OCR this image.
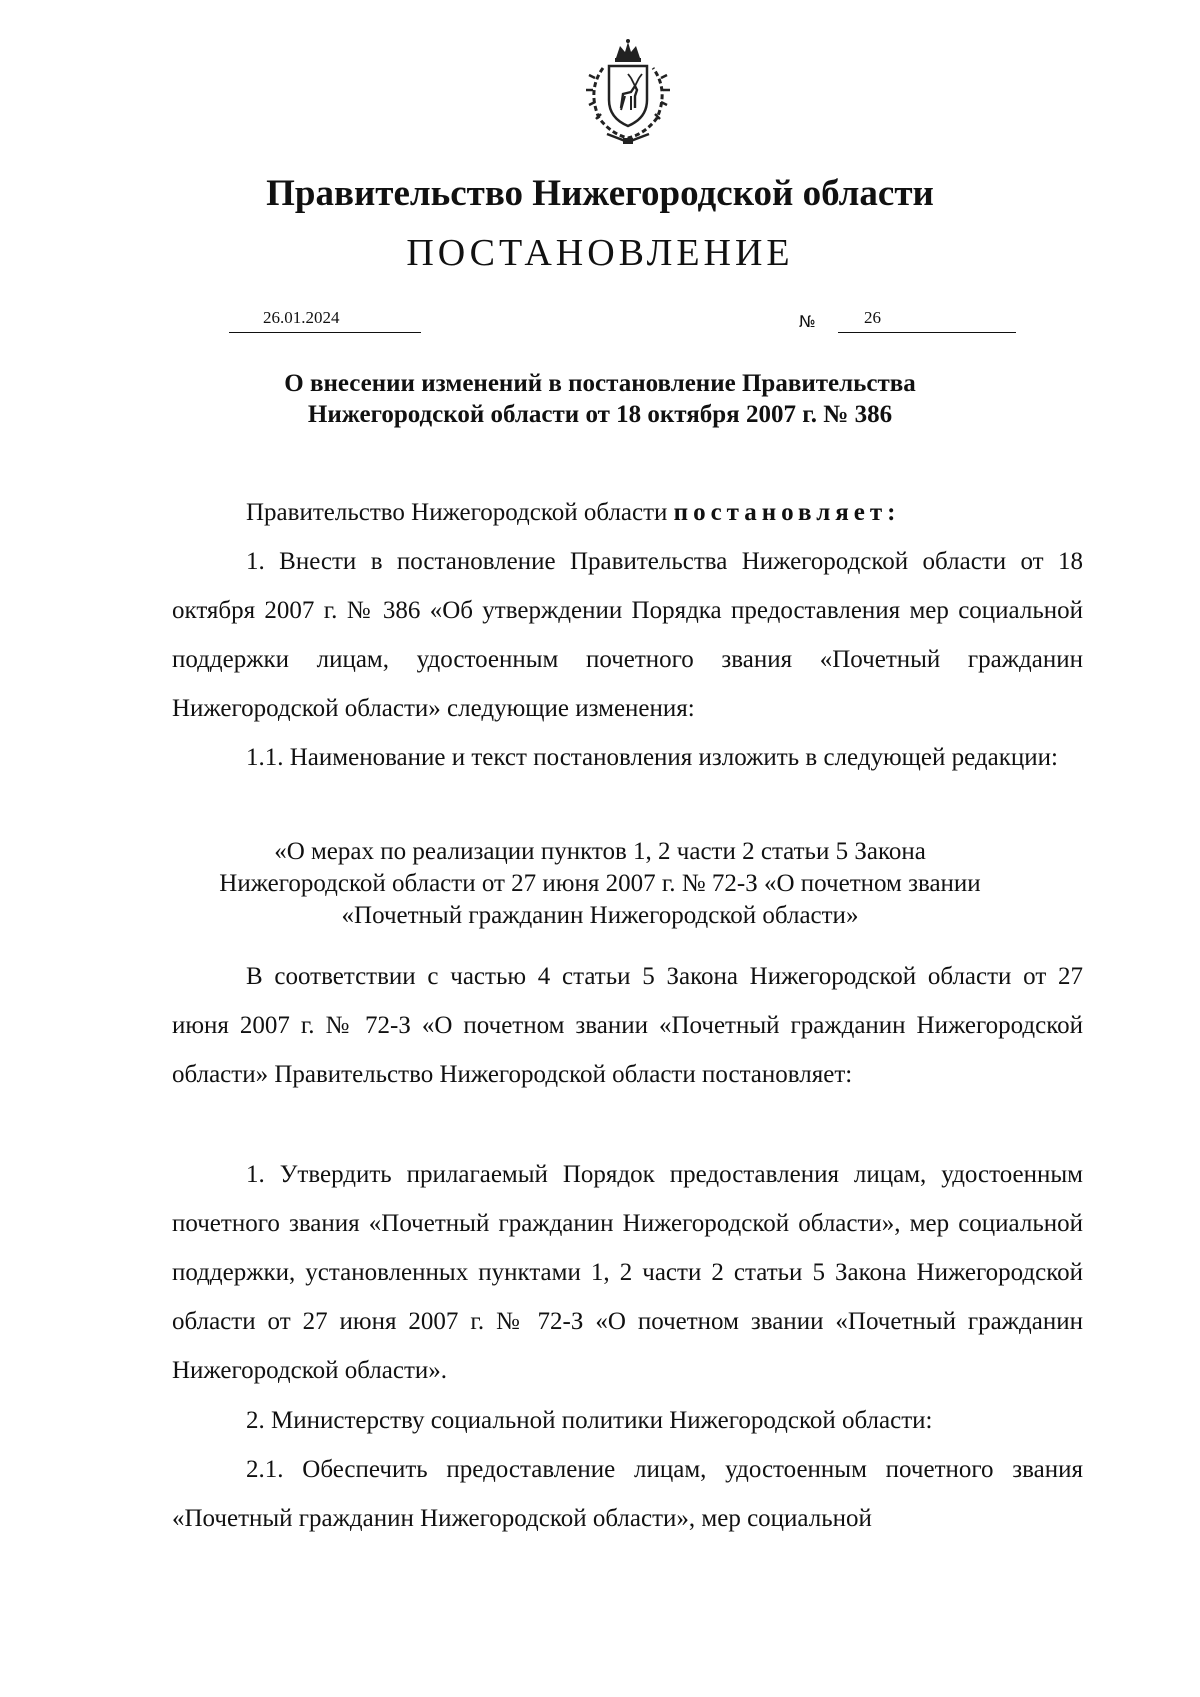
Правительство Нижегородской области
ПОСТАНОВЛЕНИЕ
26.01.2024	№	26
О внесении изменений в постановление Правительства
Нижегородской области от 18 октября 2007 г. № 386
Правительство Нижегородской области постановляет:
1. Внести в постановление Правительства Нижегородской области от 18 октября 2007 г. № 386 «Об утверждении Порядка предоставления мер социальной поддержки лицам, удостоенным почетного звания «Почетный гражданин Нижегородской области» следующие изменения:
1.1. Наименование и текст постановления изложить в следующей редакции:
«О мерах по реализации пунктов 1, 2 части 2 статьи 5 Закона
Нижегородской области от 27 июня 2007 г. № 72-З «О почетном звании
«Почетный гражданин Нижегородской области»
В соответствии с частью 4 статьи 5 Закона Нижегородской области от 27 июня 2007 г. № 72-З «О почетном звании «Почетный гражданин Нижегородской области» Правительство Нижегородской области постановляет:
1. Утвердить прилагаемый Порядок предоставления лицам, удостоенным почетного звания «Почетный гражданин Нижегородской области», мер социальной поддержки, установленных пунктами 1, 2 части 2 статьи 5 Закона Нижегородской области от 27 июня 2007 г. № 72-З «О почетном звании «Почетный гражданин Нижегородской области».
2. Министерству социальной политики Нижегородской области:
2.1. Обеспечить предоставление лицам, удостоенным почетного звания «Почетный гражданин Нижегородской области», мер социальной
